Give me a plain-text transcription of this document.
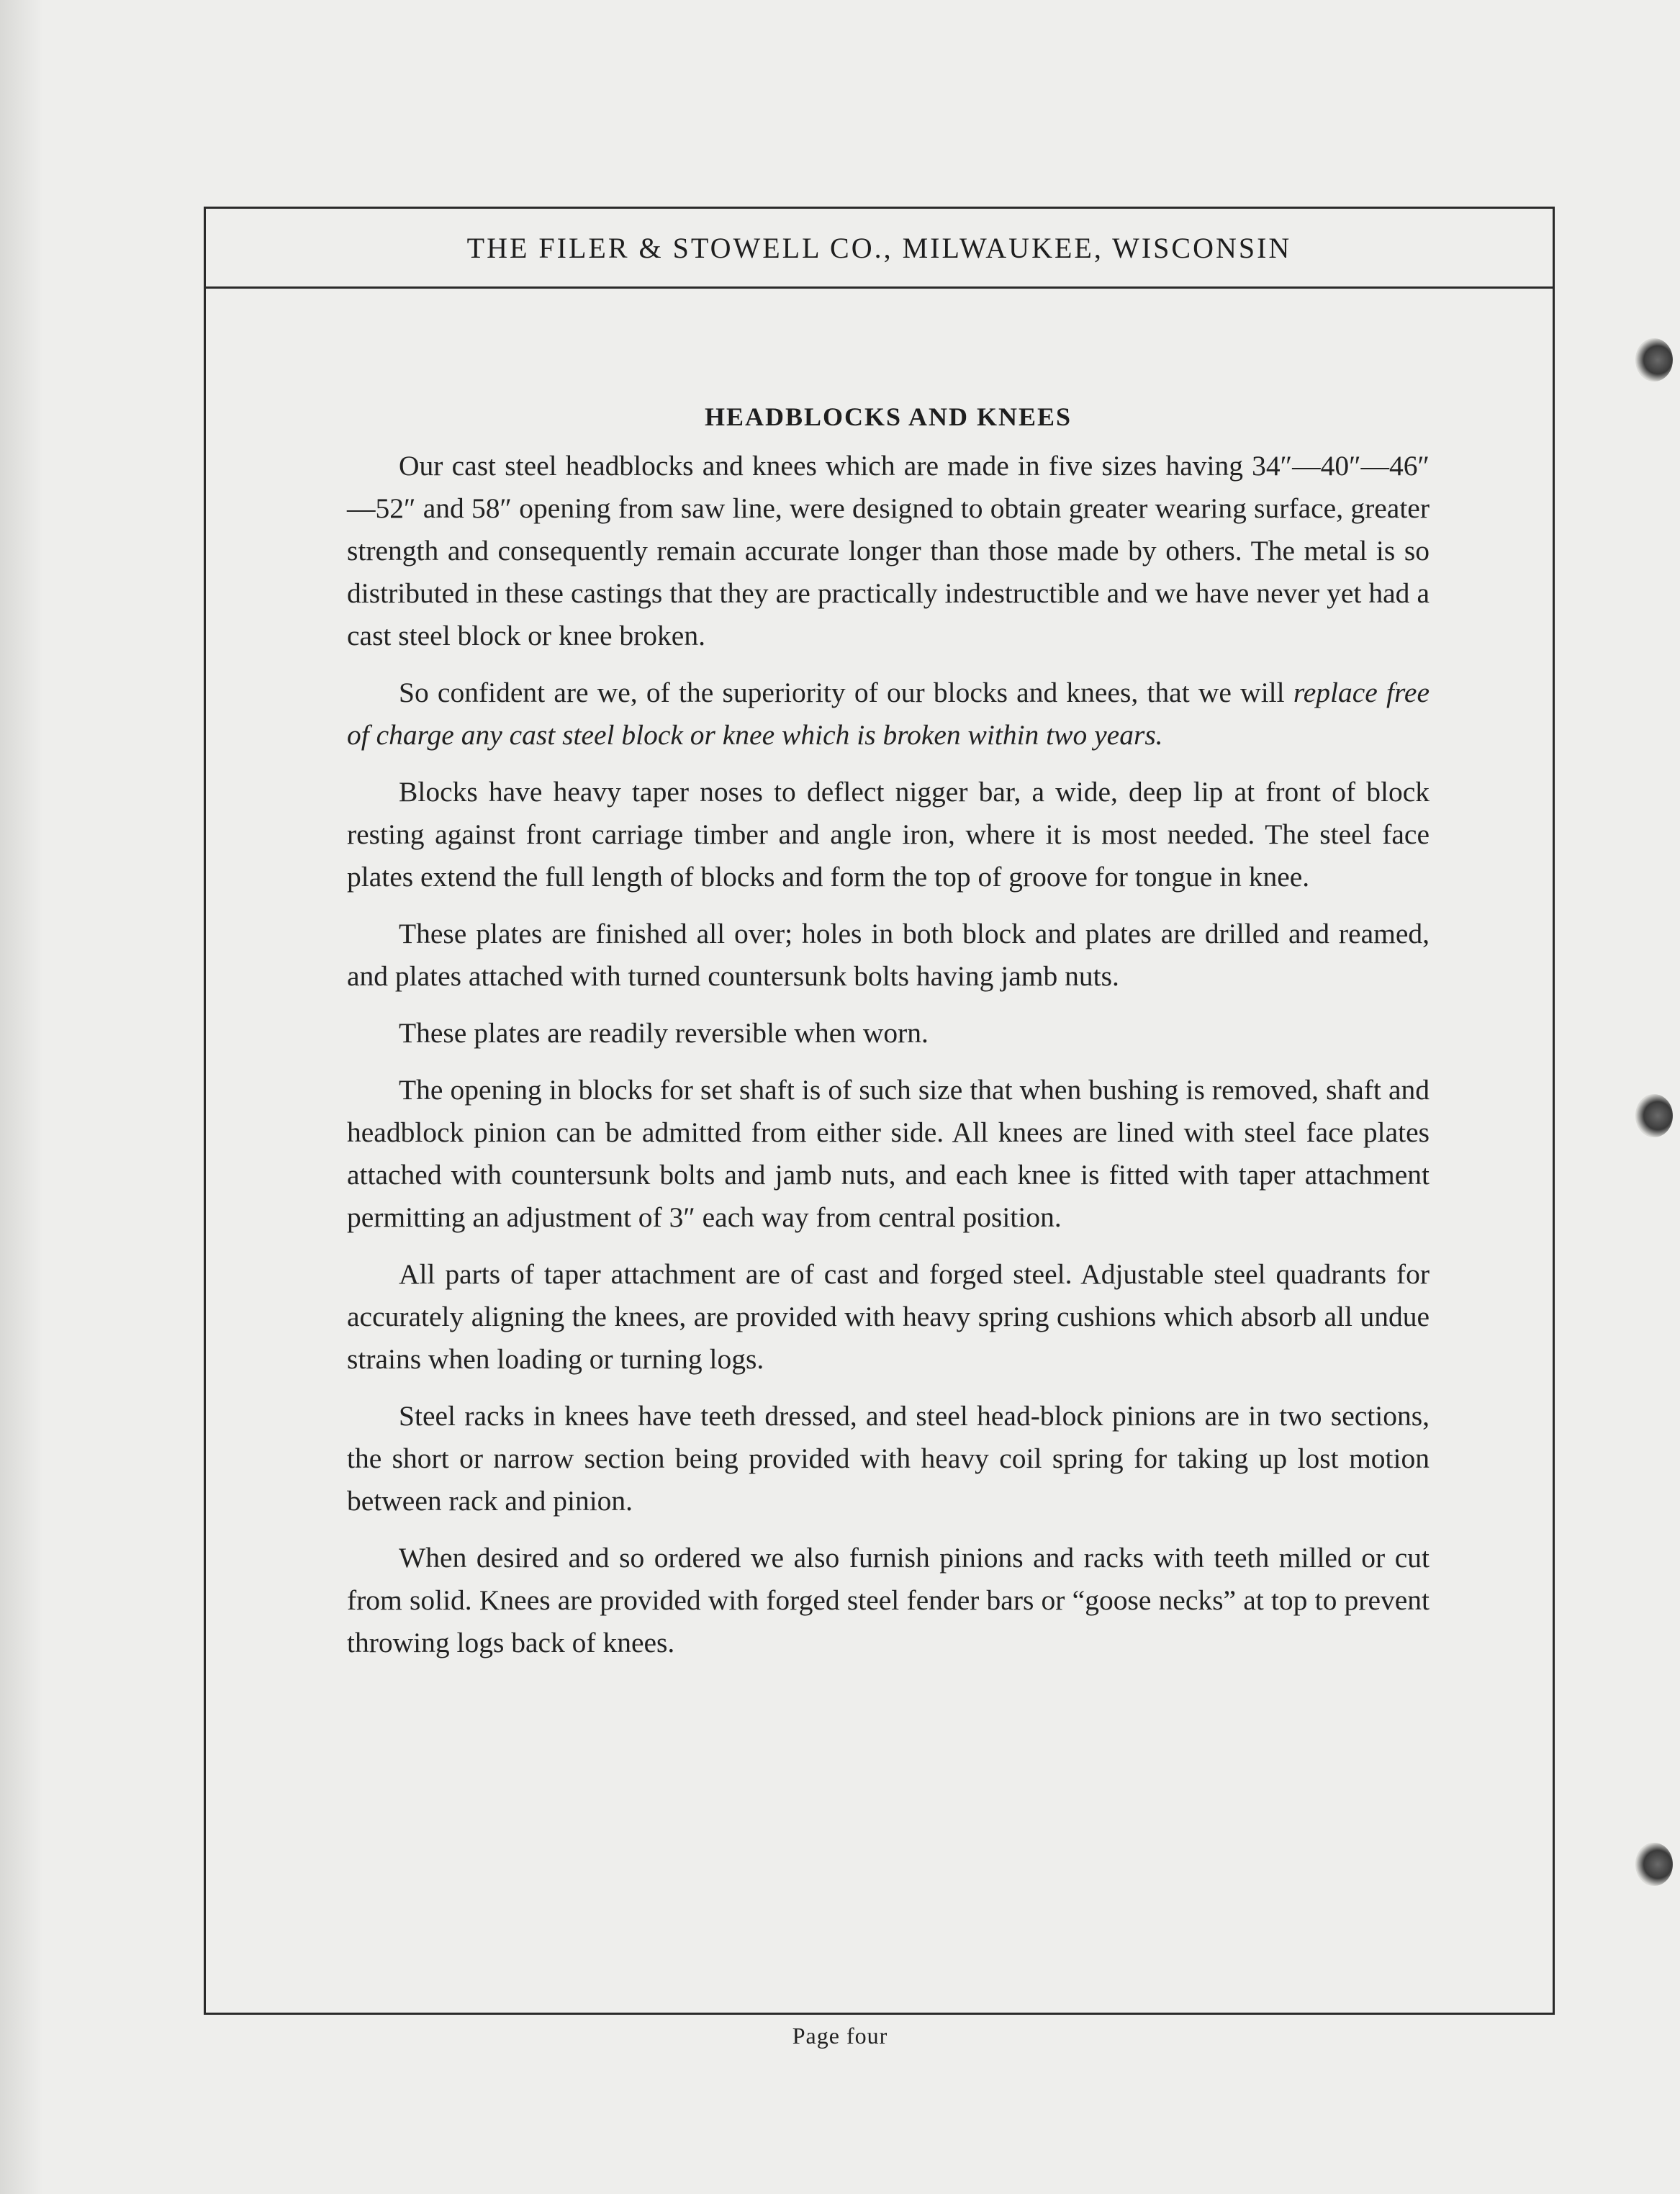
THE FILER & STOWELL CO., MILWAUKEE, WISCONSIN
HEADBLOCKS AND KNEES

Our cast steel headblocks and knees which are made in five sizes having 34″—40″—46″—52″ and 58″ opening from saw line, were designed to obtain greater wearing surface, greater strength and consequently remain accurate longer than those made by others. The metal is so distributed in these castings that they are practically indestructible and we have never yet had a cast steel block or knee broken.

So confident are we, of the superiority of our blocks and knees, that we will replace free of charge any cast steel block or knee which is broken within two years.

Blocks have heavy taper noses to deflect nigger bar, a wide, deep lip at front of block resting against front carriage timber and angle iron, where it is most needed. The steel face plates extend the full length of blocks and form the top of groove for tongue in knee.

These plates are finished all over; holes in both block and plates are drilled and reamed, and plates attached with turned countersunk bolts having jamb nuts.

These plates are readily reversible when worn.

The opening in blocks for set shaft is of such size that when bushing is removed, shaft and headblock pinion can be admitted from either side. All knees are lined with steel face plates attached with countersunk bolts and jamb nuts, and each knee is fitted with taper attachment permitting an adjustment of 3″ each way from central position.

All parts of taper attachment are of cast and forged steel. Adjustable steel quadrants for accurately aligning the knees, are provided with heavy spring cushions which absorb all undue strains when loading or turning logs.

Steel racks in knees have teeth dressed, and steel head-block pinions are in two sections, the short or narrow section being provided with heavy coil spring for taking up lost motion between rack and pinion.

When desired and so ordered we also furnish pinions and racks with teeth milled or cut from solid. Knees are provided with forged steel fender bars or “goose necks” at top to prevent throwing logs back of knees.

Page four
